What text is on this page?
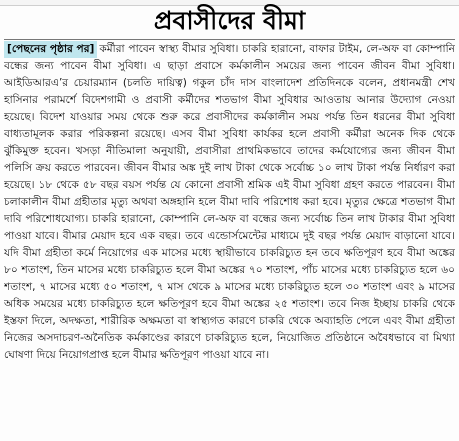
প্রবাসীদের বীমা

[পেছনের পৃষ্ঠার পর] কর্মীরা পাবেন স্বাস্থ্য বীমার সুবিধা। চাকরি হারানো, বাফার টাইম, লে-অফ বা কোম্পানি বন্ধের জন্য পাবেন বীমা সুবিধা। এ ছাড়া প্রবাসে কর্মকালীন সময়ের জন্য পাবেন জীবন বীমা সুবিধা। আইডিআরএ’র চেয়ারম্যান (চলতি দায়িত্ব) গকুল চাঁদ দাস বাংলাদেশ প্রতিদিনকে বলেন, প্রধানমন্ত্রী শেখ হাসিনার পরামর্শে বিদেশগামী ও প্রবাসী কর্মীদের শতভাগ বীমা সুবিধার আওতায় আনার উদ্যোগ নেওয়া হয়েছে। বিদেশ যাওয়ার সময় থেকে শুরু করে প্রবাসীদের কর্মকালীন সময় পর্যন্ত তিন ধরনের বীমা সুবিধা বাধ্যতামূলক করার পরিকল্পনা রয়েছে। এসব বীমা সুবিধা কার্যকর হলে প্রবাসী কর্মীরা অনেক দিক থেকে ঝুঁকিমুক্ত হবেন। খসড়া নীতিমালা অনুযায়ী, প্রবাসীরা প্রাথমিকভাবে তাদের কর্মযোগ্যের জন্য জীবন বীমা পলিসি ক্রয় করতে পারবেন। জীবন বীমার অঙ্ক দুই লাখ টাকা থেকে সর্বোচ্চ ১০ লাখ টাকা পর্যন্ত নির্ধারণ করা হয়েছে। ১৮ থেকে ৫৮ বছর বয়স পর্যন্ত যে কোনো প্রবাসী শ্রমিক এই বীমা সুবিধা গ্রহণ করতে পারবেন। বীমা চলাকালীন বীমা গ্রহীতার মৃত্যু অথবা অঙ্গহানি হলে বীমা দাবি পরিশোধ করা হবে। মৃত্যুর ক্ষেত্রে শতভাগ বীমা দাবি পরিশোধযোগ্য। চাকরি হারানো, কোম্পানি লে-অফ বা বন্ধের জন্য সর্বোচ্চ তিন লাখ টাকার বীমা সুবিধা পাওয়া যাবে। বীমার মেয়াদ হবে এক বছর। তবে এন্ডোর্সমেন্টের মাধ্যমে দুই বছর পর্যন্ত মেয়াদ বাড়ানো যাবে। যদি বীমা গ্রহীতা কর্মে নিয়োগের এক মাসের মধ্যে স্থায়ীভাবে চাকরিচ্যুত হন তবে ক্ষতিপূরণ হবে বীমা অঙ্কের ৮০ শতাংশ, তিন মাসের মধ্যে চাকরিচ্যুত হলে বীমা অঙ্কের ৭০ শতাংশ, পাঁচ মাসের মধ্যে চাকরিচ্যুত হলে ৬০ শতাংশ, ৭ মাসের মধ্যে ৫০ শতাংশ, ৭ মাস থেকে ৯ মাসের মধ্যে চাকরিচ্যুত হলে ৩০ শতাংশ এবং ৯ মাসের অধিক সময়ের মধ্যে চাকরিচ্যুত হলে ক্ষতিপূরণ হবে বীমা অঙ্কের ২৫ শতাংশ। তবে নিজ ইচ্ছায় চাকরি থেকে ইস্তফা দিলে, অদক্ষতা, শারীরিক অক্ষমতা বা স্বাস্থ্যগত কারণে চাকরি থেকে অব্যাহতি পেলে এবং বীমা গ্রহীতা নিজের অসদাচরণ-অনৈতিক কর্মকাণ্ডের কারণে চাকরিচ্যুত হলে, নিয়োজিত প্রতিষ্ঠানে অবৈধভাবে বা মিথ্যা ঘোষণা দিয়ে নিয়োগপ্রাপ্ত হলে বীমার ক্ষতিপূরণ পাওয়া যাবে না।
